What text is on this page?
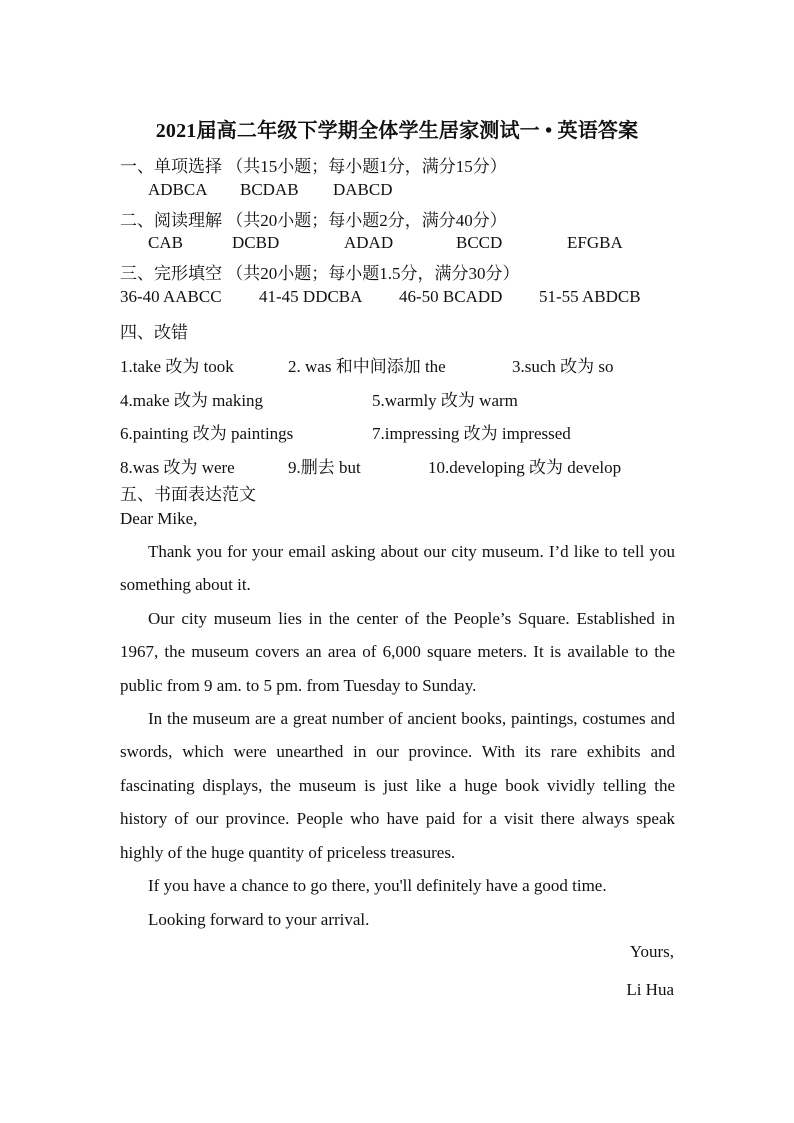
2021届高二年级下学期全体学生居家测试一 • 英语答案
一、单项选择 （共15小题；每小题1分，满分15分）
ADBCA BCDAB DABCD
二、阅读理解 （共20小题；每小题2分，满分40分）
CAB	DCBD	ADAD	BCCD	EFGBA
三、完形填空 （共20小题；每小题1.5分，满分30分）
36-40 AABCC 41-45 DDCBA 46-50 BCADD 51-55 ABDCB
四、改错
1.take 改为 took	2. was 和中间添加 the	3.such 改为 so
4.make 改为 making	5.warmly 改为 warm
6.painting 改为 paintings	7.impressing 改为 impressed
8.was 改为 were	9.删去 but	10.developing 改为 develop
五、书面表达范文
Dear Mike,

Thank you for your email asking about our city museum. I’d like to tell you something about it.

Our city museum lies in the center of the People’s Square. Established in 1967, the museum covers an area of 6,000 square meters. It is available to the public from 9 am. to 5 pm. from Tuesday to Sunday.

In the museum are a great number of ancient books, paintings, costumes and swords, which were unearthed in our province. With its rare exhibits and fascinating displays, the museum is just like a huge book vividly telling the history of our province. People who have paid for a visit there always speak highly of the huge quantity of priceless treasures.

If you have a chance to go there, you'll definitely have a good time.

Looking forward to your arrival.

Yours,
Li Hua
